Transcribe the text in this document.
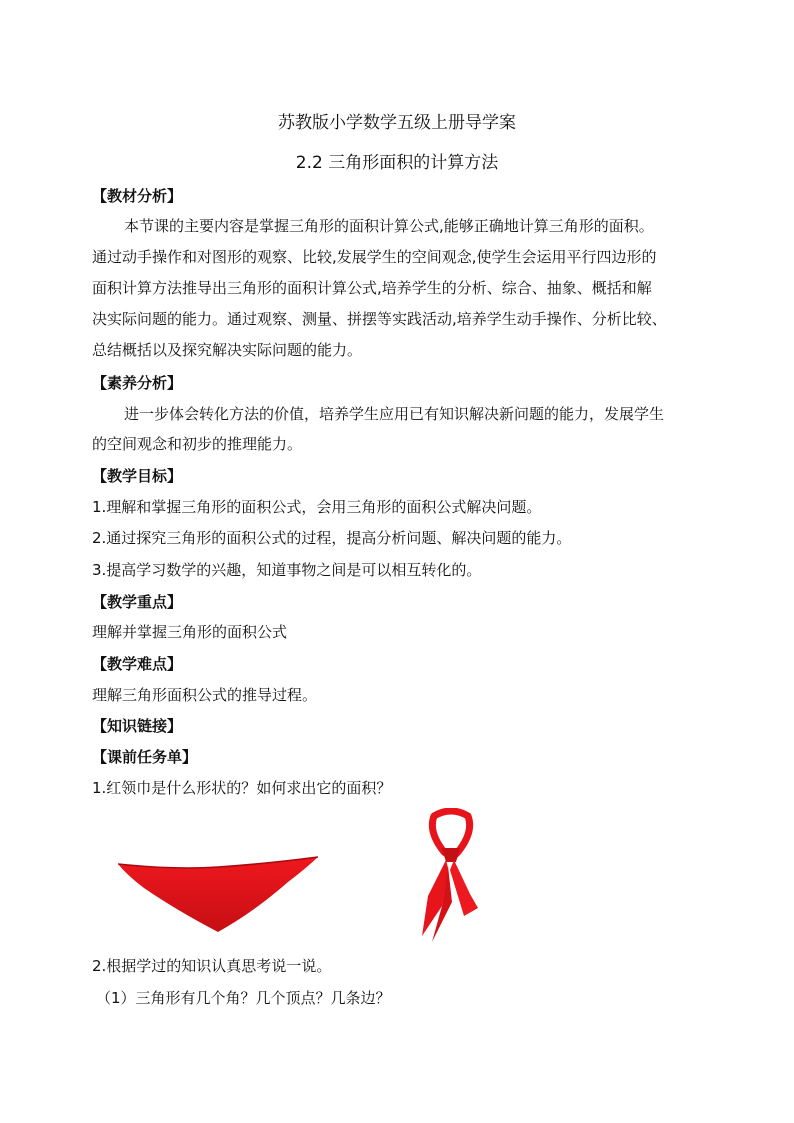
苏教版小学数学五级上册导学案
2.2 三角形面积的计算方法
【教材分析】
本节课的主要内容是掌握三角形的面积计算公式,能够正确地计算三角形的面积。
通过动手操作和对图形的观察、比较,发展学生的空间观念,使学生会运用平行四边形的
面积计算方法推导出三角形的面积计算公式,培养学生的分析、综合、抽象、概括和解
决实际问题的能力。通过观察、测量、拼摆等实践活动,培养学生动手操作、分析比较、
总结概括以及探究解决实际问题的能力。
【素养分析】
进一步体会转化方法的价值，培养学生应用已有知识解决新问题的能力，发展学生
的空间观念和初步的推理能力。
【教学目标】
1.理解和掌握三角形的面积公式，会用三角形的面积公式解决问题。
2.通过探究三角形的面积公式的过程，提高分析问题、解决问题的能力。
3.提高学习数学的兴趣，知道事物之间是可以相互转化的。
【教学重点】
理解并掌握三角形的面积公式
【教学难点】
理解三角形面积公式的推导过程。
【知识链接】
【课前任务单】
1.红领巾是什么形状的？如何求出它的面积？
2.根据学过的知识认真思考说一说。
（1）三角形有几个角？几个顶点？几条边？
